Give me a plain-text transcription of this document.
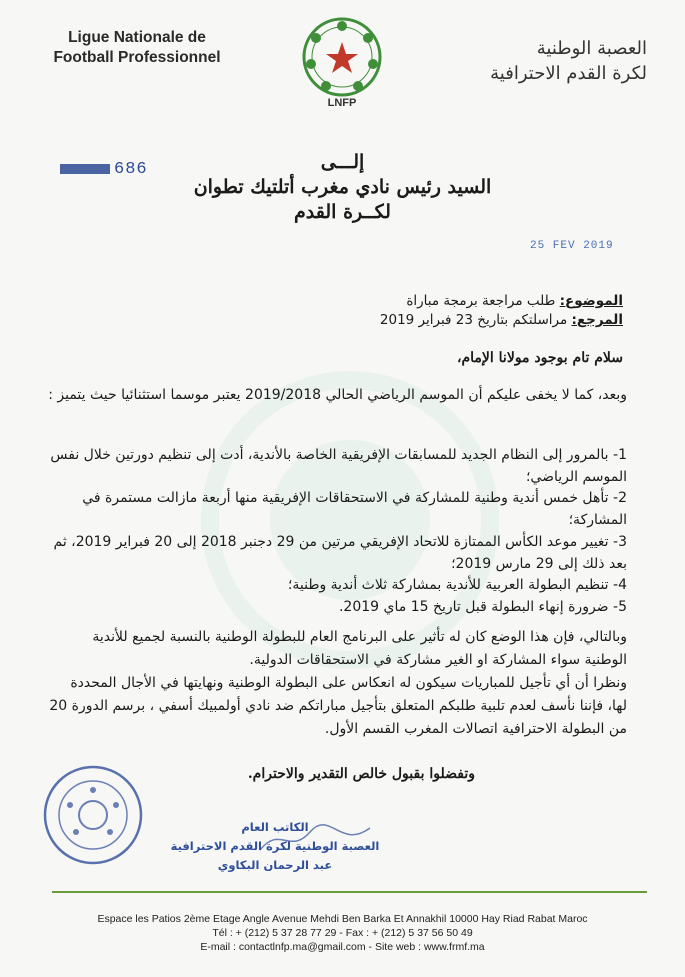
Ligue Nationale de
Football Professionnel
LNFP
العصبة الوطنية
لكرة القدم الاحترافية
686
25 FEV 2019
إلـــى
السيد رئيس نادي مغرب أتلتيك تطوان
لكــرة القدم
الموضوع: طلب مراجعة برمجة مباراة
المرجع: مراسلتكم بتاريخ 23 فبراير 2019
سلام تام بوجود مولانا الإمام،
وبعد، كما لا يخفى عليكم أن الموسم الرياضي الحالي 2019/2018 يعتبر موسما استثنائيا حيث يتميز :
1- بالمرور إلى النظام الجديد للمسابقات الإفريقية الخاصة بالأندية، أدت إلى تنظيم دورتين خلال نفس الموسم الرياضي؛
2- تأهل خمس أندية وطنية للمشاركة في الاستحقاقات الإفريقية منها أربعة مازالت مستمرة في المشاركة؛
3- تغيير موعد الكأس الممتازة للاتحاد الإفريقي مرتين من 29 دجنبر 2018 إلى 20 فبراير 2019، ثم بعد ذلك إلى 29 مارس 2019؛
4- تنظيم البطولة العربية للأندية بمشاركة ثلاث أندية وطنية؛
5- ضرورة إنهاء البطولة قبل تاريخ 15 ماي 2019.
وبالتالي، فإن هذا الوضع كان له تأثير على البرنامج العام للبطولة الوطنية بالنسبة لجميع للأندية الوطنية سواء المشاركة او الغير مشاركة في الاستحقاقات الدولية.
ونظرا أن أي تأجيل للمباريات سيكون له انعكاس على البطولة الوطنية ونهايتها في الأجال المحددة لها، فإننا نأسف لعدم تلبية طلبكم المتعلق بتأجيل مباراتكم ضد نادي أولمبيك أسفي ، برسم الدورة 20 من البطولة الاحترافية اتصالات المغرب القسم الأول.
وتفضلوا بقبول خالص التقدير والاحترام.
الكاتب العام
العصبة الوطنية لكرة القدم الاحترافية
عبد الرحمان البكاوي
Espace les Patios 2ème Etage Angle Avenue Mehdi Ben Barka Et Annakhil 10000 Hay Riad Rabat Maroc
Tél : + (212) 5 37 28 77 29 - Fax : + (212) 5 37 56 50 49
E-mail : contactlnfp.ma@gmail.com - Site web : www.frmf.ma
